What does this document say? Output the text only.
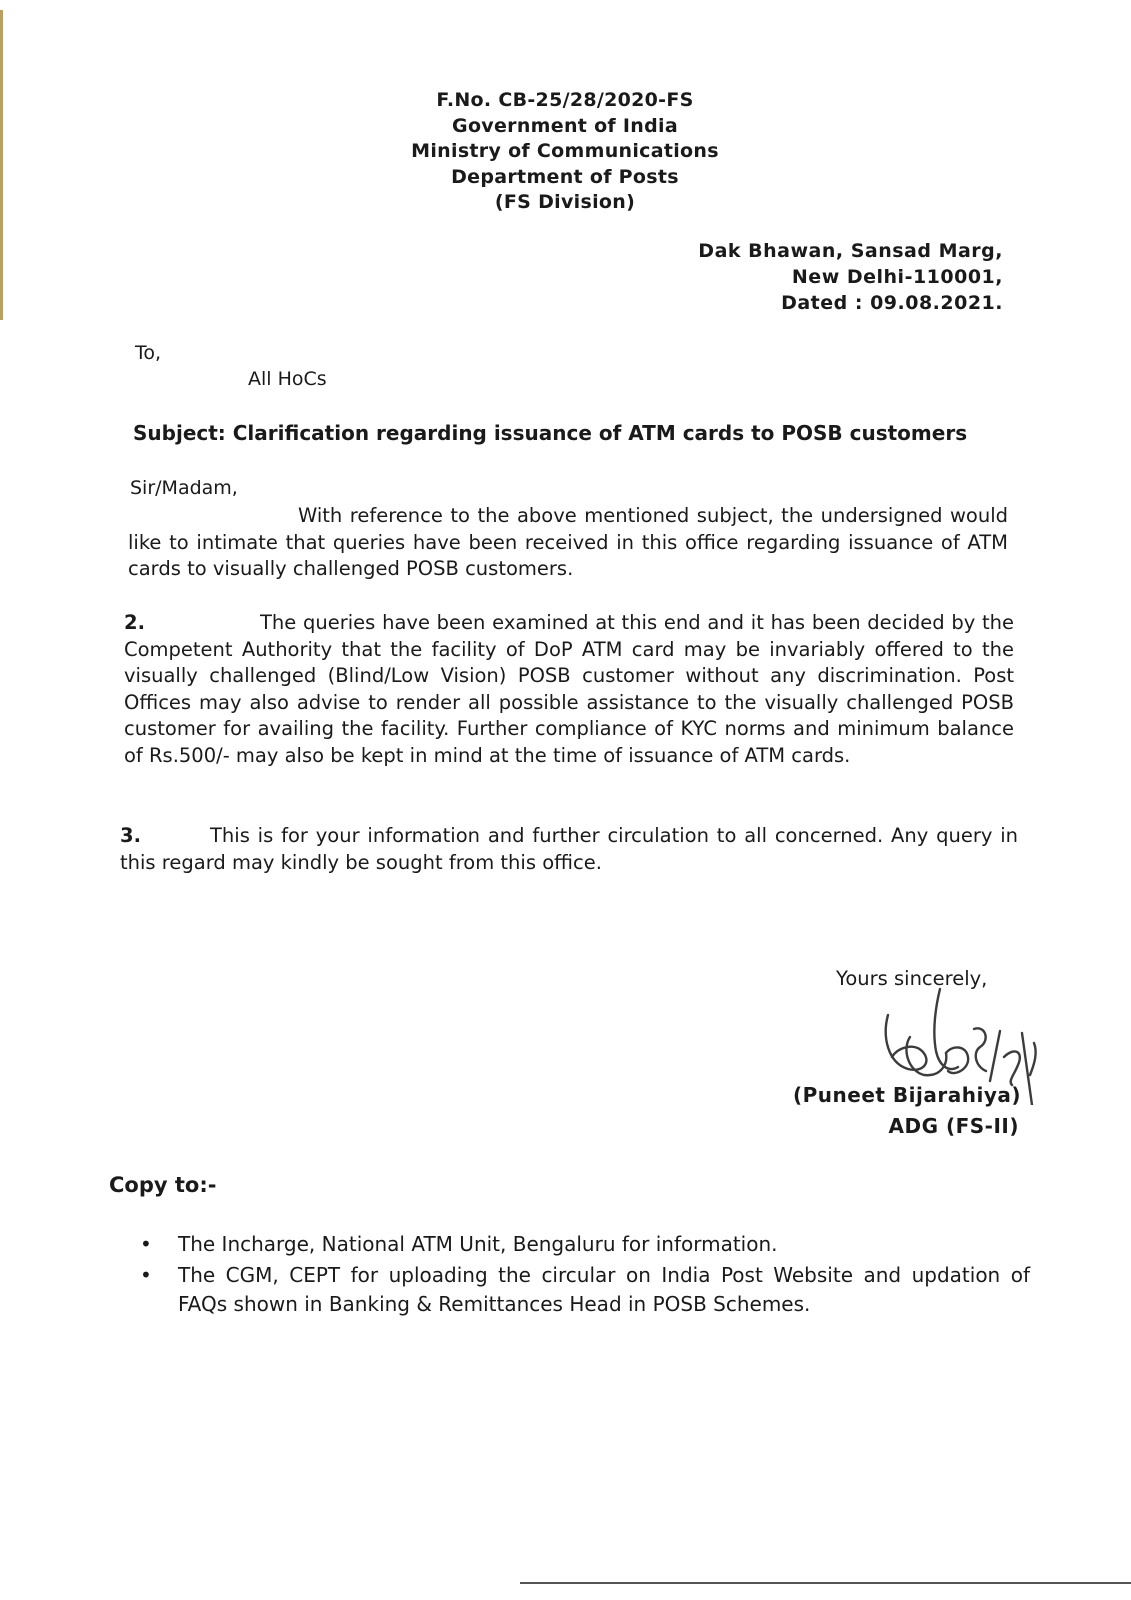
F.No. CB-25/28/2020-FS
Government of India
Ministry of Communications
Department of Posts
(FS Division)
Dak Bhawan, Sansad Marg,
New Delhi-110001,
Dated : 09.08.2021.
To,
All HoCs
Subject: Clarification regarding issuance of ATM cards to POSB customers
Sir/Madam,
With reference to the above mentioned subject, the undersigned would like to intimate that queries have been received in this office regarding issuance of ATM cards to visually challenged POSB customers.
2.	The queries have been examined at this end and it has been decided by the Competent Authority that the facility of DoP ATM card may be invariably offered to the visually challenged (Blind/Low Vision) POSB customer without any discrimination. Post Offices may also advise to render all possible assistance to the visually challenged POSB customer for availing the facility. Further compliance of KYC norms and minimum balance of Rs.500/- may also be kept in mind at the time of issuance of ATM cards.
3.	This is for your information and further circulation to all concerned. Any query in this regard may kindly be sought from this office.
Yours sincerely,
(Puneet Bijarahiya)
ADG (FS-II)
Copy to:-
• The Incharge, National ATM Unit, Bengaluru for information.
• The CGM, CEPT for uploading the circular on India Post Website and updation of FAQs shown in Banking & Remittances Head in POSB Schemes.
